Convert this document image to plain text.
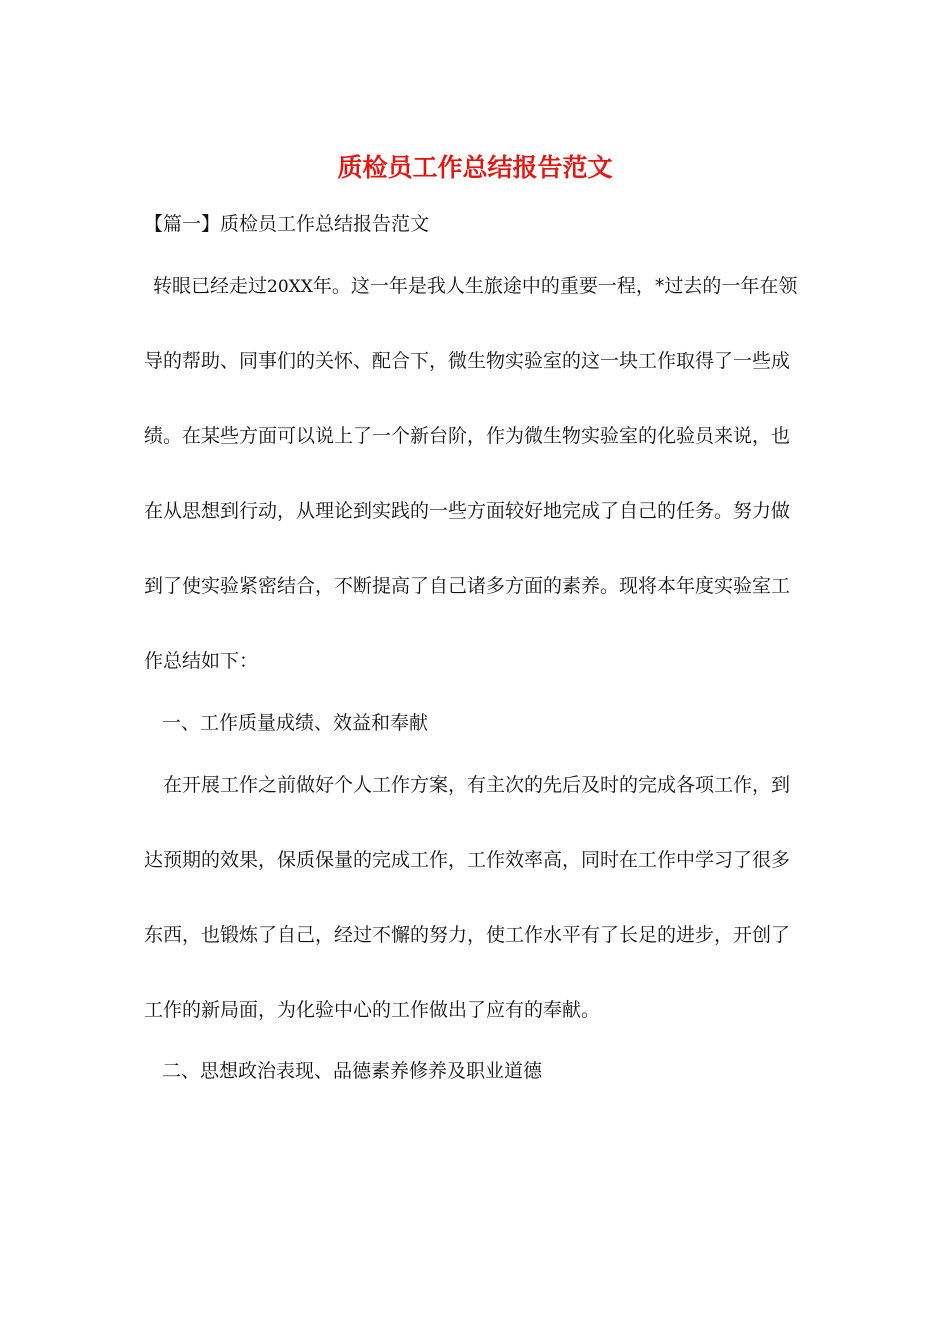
质检员工作总结报告范文

【篇一】质检员工作总结报告范文

转眼已经走过20XX年。这一年是我人生旅途中的重要一程，*过去的一年在领

导的帮助、同事们的关怀、配合下，微生物实验室的这一块工作取得了一些成

绩。在某些方面可以说上了一个新台阶，作为微生物实验室的化验员来说，也

在从思想到行动，从理论到实践的一些方面较好地完成了自己的任务。努力做

到了使实验紧密结合，不断提高了自己诸多方面的素养。现将本年度实验室工

作总结如下：

一、工作质量成绩、效益和奉献

在开展工作之前做好个人工作方案，有主次的先后及时的完成各项工作，到

达预期的效果，保质保量的完成工作，工作效率高，同时在工作中学习了很多

东西，也锻炼了自己，经过不懈的努力，使工作水平有了长足的进步，开创了

工作的新局面，为化验中心的工作做出了应有的奉献。

二、思想政治表现、品德素养修养及职业道德
